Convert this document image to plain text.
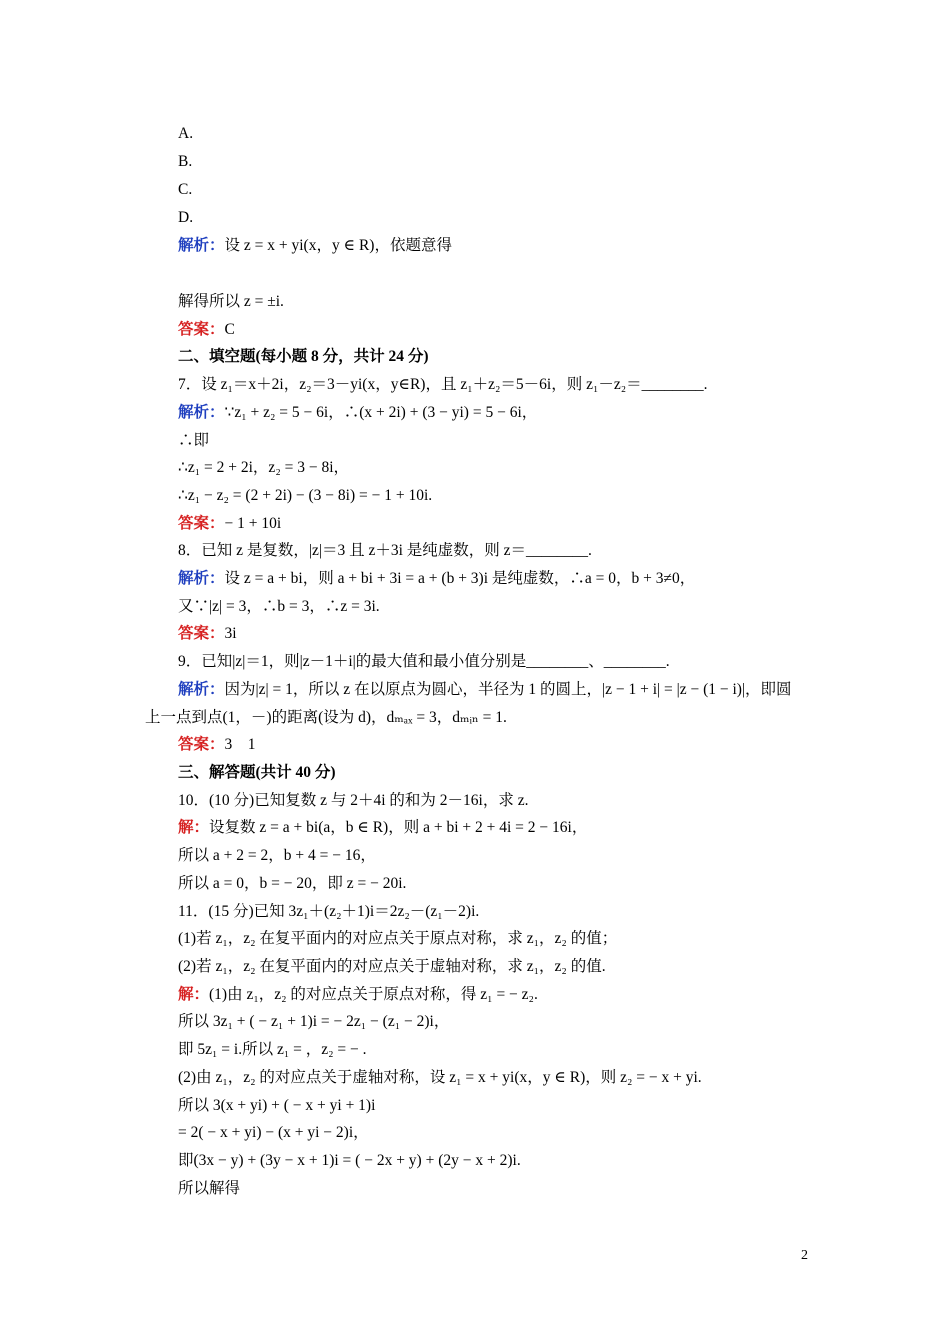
A.
B.
C.
D.
解析：设 z = x + yi(x，y ∈ R)，依题意得
解得所以 z = ±i.
答案：C
二、填空题(每小题 8 分，共计 24 分)
7．设 z₁＝x＋2i，z₂＝3－yi(x，y∈R)，且 z₁＋z₂＝5－6i，则 z₁－z₂＝________.
解析：∵z₁ + z₂ = 5 − 6i，∴(x + 2i) + (3 − yi) = 5 − 6i，
∴即
∴z₁ = 2 + 2i，z₂ = 3 − 8i，
∴z₁ − z₂ = (2 + 2i) − (3 − 8i) = − 1 + 10i.
答案：− 1 + 10i
8．已知 z 是复数，|z|＝3 且 z＋3i 是纯虚数，则 z＝________.
解析：设 z = a + bi，则 a + bi + 3i = a + (b + 3)i 是纯虚数，∴a = 0，b + 3≠0，
又∵|z| = 3，∴b = 3，∴z = 3i.
答案：3i
9．已知|z|＝1，则|z－1＋i|的最大值和最小值分别是________、________.
解析：因为|z| = 1，所以 z 在以原点为圆心，半径为 1 的圆上，|z − 1 + i| = |z − (1 − i)|，即圆
上一点到点(1，－)的距离(设为 d)，dₘₐₓ = 3，dₘᵢₙ = 1.
答案：3　1
三、解答题(共计 40 分)
10．(10 分)已知复数 z 与 2＋4i 的和为 2－16i，求 z.
解：设复数 z = a + bi(a，b ∈ R)，则 a + bi + 2 + 4i = 2 − 16i，
所以 a + 2 = 2，b + 4 = − 16，
所以 a = 0，b = − 20，即 z = − 20i.
11．(15 分)已知 3z₁＋(z₂＋1)i＝2z₂－(z₁－2)i.
(1)若 z₁，z₂ 在复平面内的对应点关于原点对称，求 z₁，z₂ 的值；
(2)若 z₁，z₂ 在复平面内的对应点关于虚轴对称，求 z₁，z₂ 的值.
解：(1)由 z₁，z₂ 的对应点关于原点对称，得 z₁ = − z₂.
所以 3z₁ + ( − z₁ + 1)i = − 2z₁ − (z₁ − 2)i，
即 5z₁ = i.所以 z₁ = ，z₂ = − .
(2)由 z₁，z₂ 的对应点关于虚轴对称，设 z₁ = x + yi(x，y ∈ R)，则 z₂ = − x + yi.
所以 3(x + yi) + ( − x + yi + 1)i
= 2( − x + yi) − (x + yi − 2)i，
即(3x − y) + (3y − x + 1)i = ( − 2x + y) + (2y − x + 2)i.
所以解得
2
